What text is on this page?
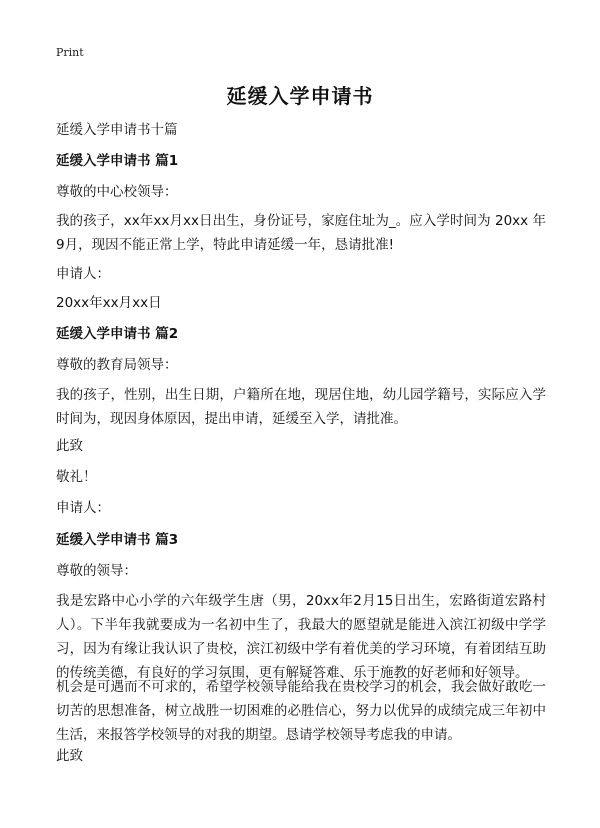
Print
延缓入学申请书
延缓入学申请书十篇
延缓入学申请书 篇1
尊敬的中心校领导：
我的孩子，xx年xx月xx日出生，身份证号，家庭住址为_。应入学时间为 20xx 年9月，现因不能正常上学，特此申请延缓一年，恳请批准!
申请人：
20xx年xx月xx日
延缓入学申请书 篇2
尊敬的教育局领导：
我的孩子，性别，出生日期，户籍所在地，现居住地，幼儿园学籍号，实际应入学时间为，现因身体原因，提出申请，延缓至入学，请批准。
此致
敬礼！
申请人：
延缓入学申请书 篇3
尊敬的领导：
我是宏路中心小学的六年级学生唐（男，20xx年2月15日出生，宏路街道宏路村人）。下半年我就要成为一名初中生了，我最大的愿望就是能进入滨江初级中学学习，因为有缘让我认识了贵校，滨江初级中学有着优美的学习环境，有着团结互助的传统美德，有良好的学习氛围，更有解疑答难、乐于施教的好老师和好领导。
机会是可遇而不可求的，希望学校领导能给我在贵校学习的机会，我会做好敢吃一切苦的思想准备，树立战胜一切困难的必胜信心，努力以优异的成绩完成三年初中生活，来报答学校领导的对我的期望。恳请学校领导考虑我的申请。
此致
